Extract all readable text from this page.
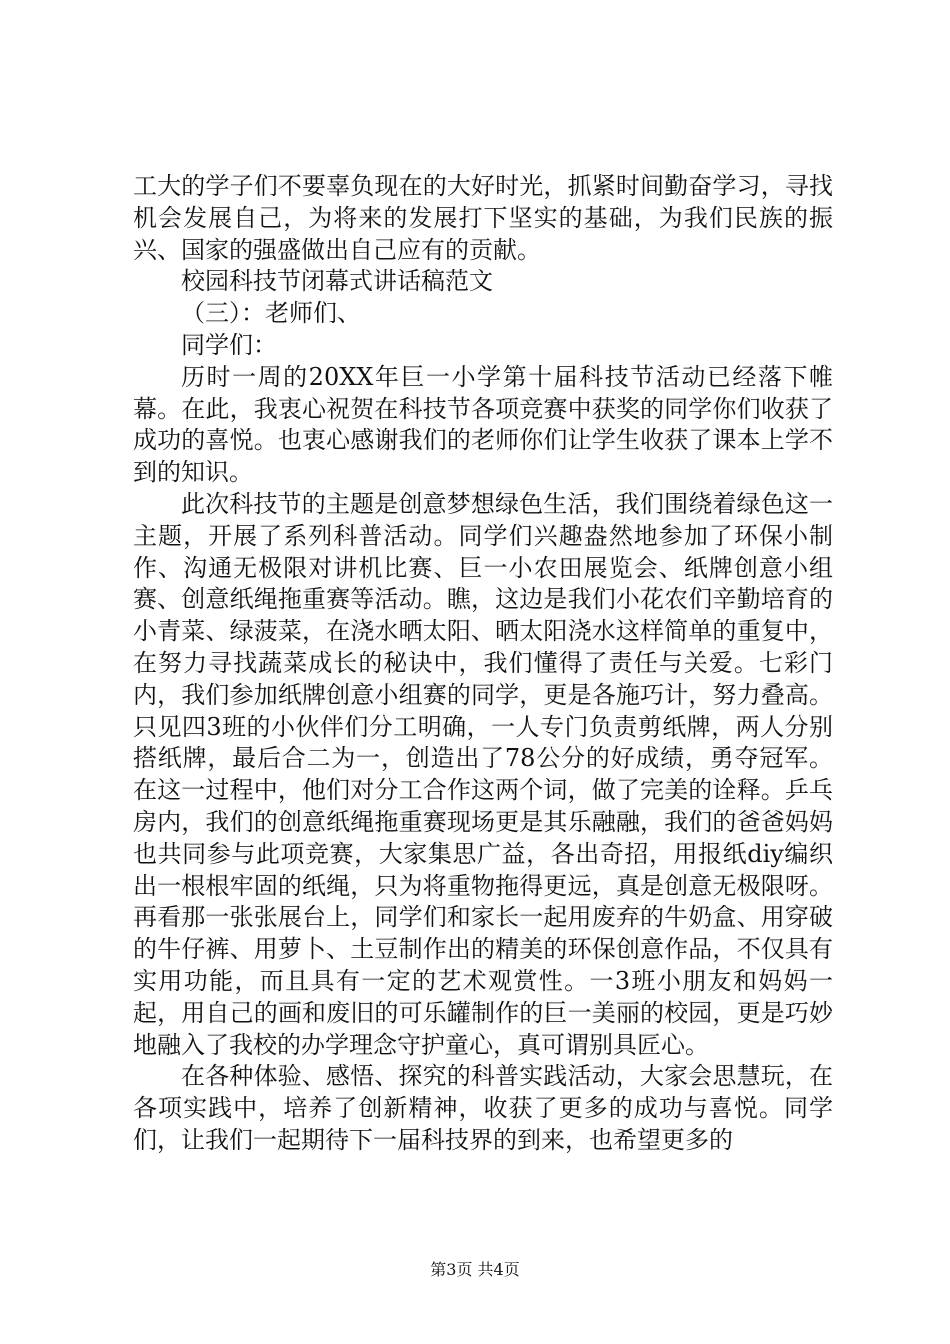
工大的学子们不要辜负现在的大好时光，抓紧时间勤奋学习，寻找机会发展自己，为将来的发展打下坚实的基础，为我们民族的振兴、国家的强盛做出自己应有的贡献。

校园科技节闭幕式讲话稿范文

（三）：老师们、

同学们：

历时一周的20XX年巨一小学第十届科技节活动已经落下帷幕。在此，我衷心祝贺在科技节各项竞赛中获奖的同学你们收获了成功的喜悦。也衷心感谢我们的老师你们让学生收获了课本上学不到的知识。

此次科技节的主题是创意梦想绿色生活，我们围绕着绿色这一主题，开展了系列科普活动。同学们兴趣盎然地参加了环保小制作、沟通无极限对讲机比赛、巨一小农田展览会、纸牌创意小组赛、创意纸绳拖重赛等活动。瞧，这边是我们小花农们辛勤培育的小青菜、绿菠菜，在浇水晒太阳、晒太阳浇水这样简单的重复中，在努力寻找蔬菜成长的秘诀中，我们懂得了责任与关爱。七彩门内，我们参加纸牌创意小组赛的同学，更是各施巧计，努力叠高。只见四3班的小伙伴们分工明确，一人专门负责剪纸牌，两人分别搭纸牌，最后合二为一，创造出了78公分的好成绩，勇夺冠军。在这一过程中，他们对分工合作这两个词，做了完美的诠释。乒乓房内，我们的创意纸绳拖重赛现场更是其乐融融，我们的爸爸妈妈也共同参与此项竞赛，大家集思广益，各出奇招，用报纸diy编织出一根根牢固的纸绳，只为将重物拖得更远，真是创意无极限呀。再看那一张张展台上，同学们和家长一起用废弃的牛奶盒、用穿破的牛仔裤、用萝卜、土豆制作出的精美的环保创意作品，不仅具有实用功能，而且具有一定的艺术观赏性。一3班小朋友和妈妈一起，用自己的画和废旧的可乐罐制作的巨一美丽的校园，更是巧妙地融入了我校的办学理念守护童心，真可谓别具匠心。

在各种体验、感悟、探究的科普实践活动，大家会思慧玩，在各项实践中，培养了创新精神，收获了更多的成功与喜悦。同学们，让我们一起期待下一届科技界的到来，也希望更多的

第3页 共4页
